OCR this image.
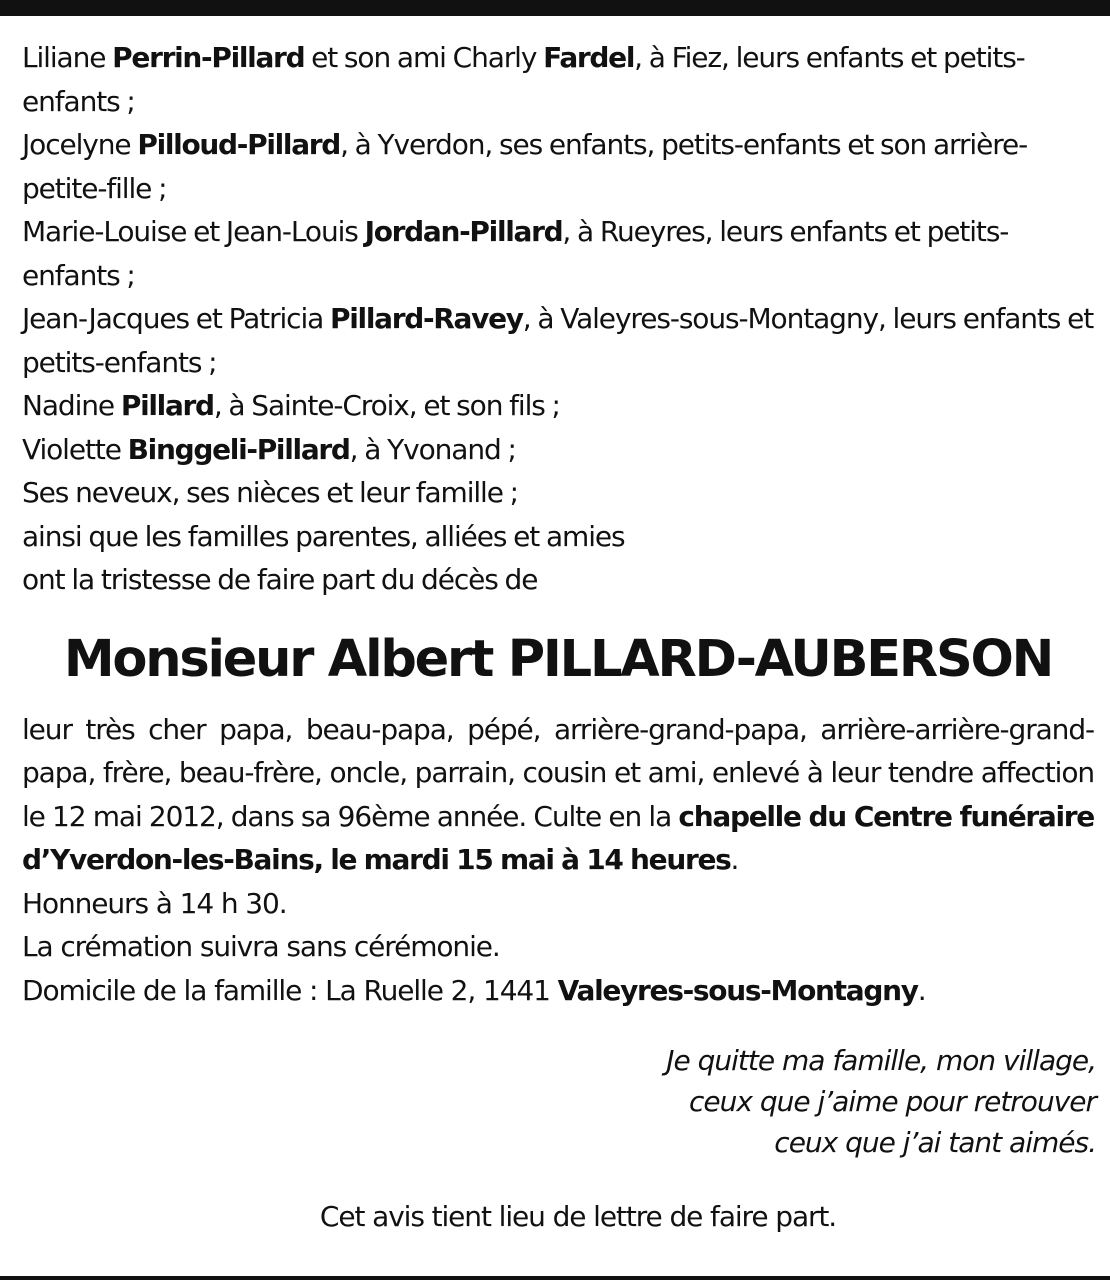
Liliane Perrin-Pillard et son ami Charly Fardel, à Fiez, leurs enfants et petits-enfants ;
Jocelyne Pilloud-Pillard, à Yverdon, ses enfants, petits-enfants et son arrière-petite-fille ;
Marie-Louise et Jean-Louis Jordan-Pillard, à Rueyres, leurs enfants et petits-enfants ;
Jean-Jacques et Patricia Pillard-Ravey, à Valeyres-sous-Montagny, leurs enfants et petits-enfants ;
Nadine Pillard, à Sainte-Croix, et son fils ;
Violette Binggeli-Pillard, à Yvonand ;
Ses neveux, ses nièces et leur famille ;
ainsi que les familles parentes, alliées et amies
ont la tristesse de faire part du décès de
Monsieur Albert PILLARD-AUBERSON
leur très cher papa, beau-papa, pépé, arrière-grand-papa, arrière-arrière-grand-papa, frère, beau-frère, oncle, parrain, cousin et ami, enlevé à leur tendre affection le 12 mai 2012, dans sa 96ème année. Culte en la chapelle du Centre funéraire d’Yverdon-les-Bains, le mardi 15 mai à 14 heures.
Honneurs à 14 h 30.
La crémation suivra sans cérémonie.
Domicile de la famille : La Ruelle 2, 1441 Valeyres-sous-Montagny.
Je quitte ma famille, mon village,
ceux que j’aime pour retrouver
ceux que j’ai tant aimés.
Cet avis tient lieu de lettre de faire part.
